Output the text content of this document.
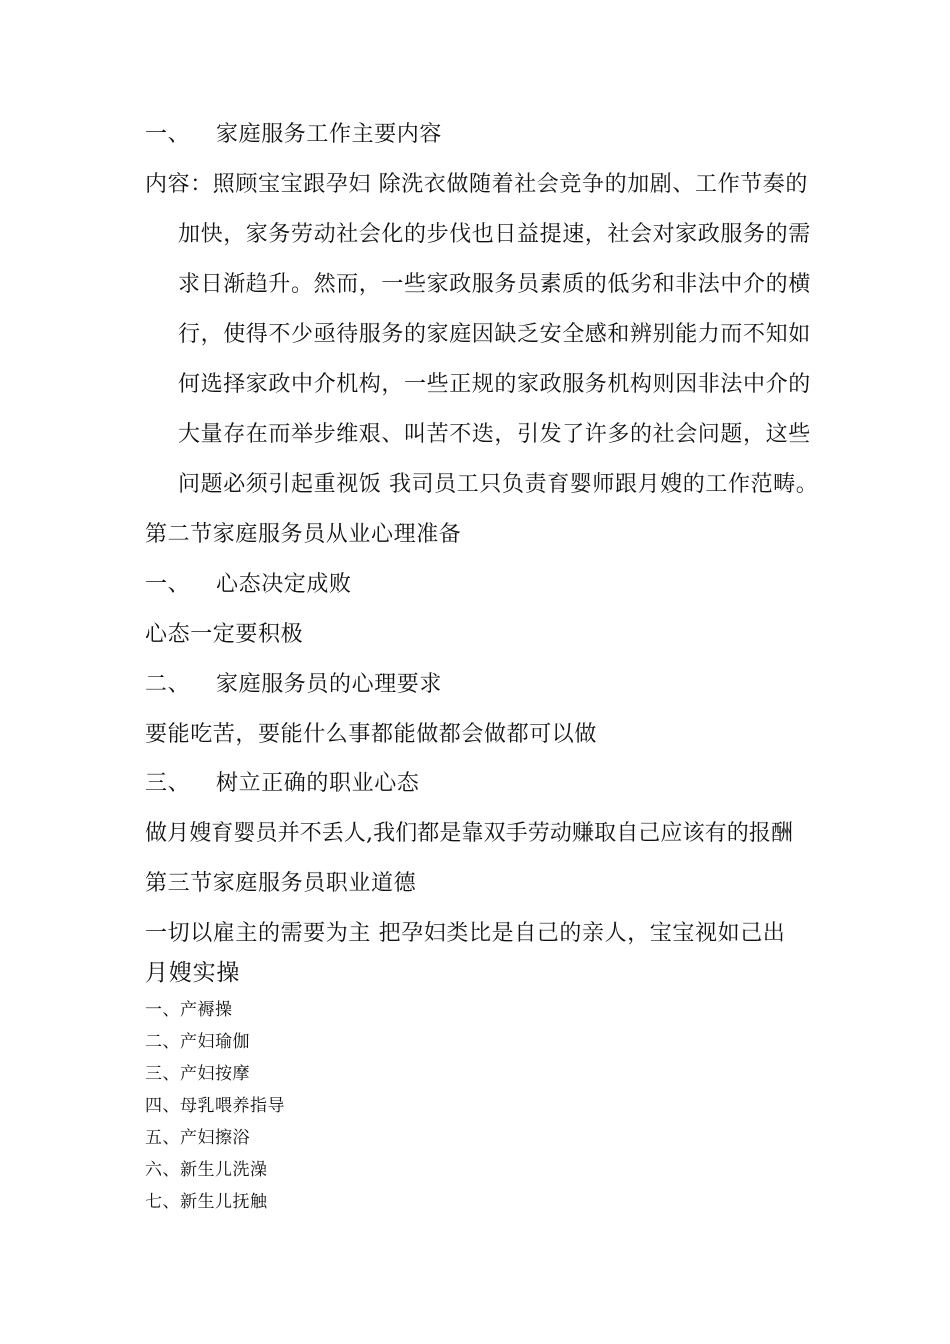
一、 家庭服务工作主要内容
内容：照顾宝宝跟孕妇 除洗衣做随着社会竞争的加剧、工作节奏的
加快，家务劳动社会化的步伐也日益提速，社会对家政服务的需
求日渐趋升。然而，一些家政服务员素质的低劣和非法中介的横
行，使得不少亟待服务的家庭因缺乏安全感和辨别能力而不知如
何选择家政中介机构，一些正规的家政服务机构则因非法中介的
大量存在而举步维艰、叫苦不迭，引发了许多的社会问题，这些
问题必须引起重视饭 我司员工只负责育婴师跟月嫂的工作范畴。
第二节家庭服务员从业心理准备
一、 心态决定成败
心态一定要积极
二、 家庭服务员的心理要求
要能吃苦，要能什么事都能做都会做都可以做
三、 树立正确的职业心态
做月嫂育婴员并不丢人,我们都是靠双手劳动赚取自己应该有的报酬
第三节家庭服务员职业道德
一切以雇主的需要为主 把孕妇类比是自己的亲人，宝宝视如己出
月嫂实操
一、产褥操
二、产妇瑜伽
三、产妇按摩
四、母乳喂养指导
五、产妇擦浴
六、新生儿洗澡
七、新生儿抚触
